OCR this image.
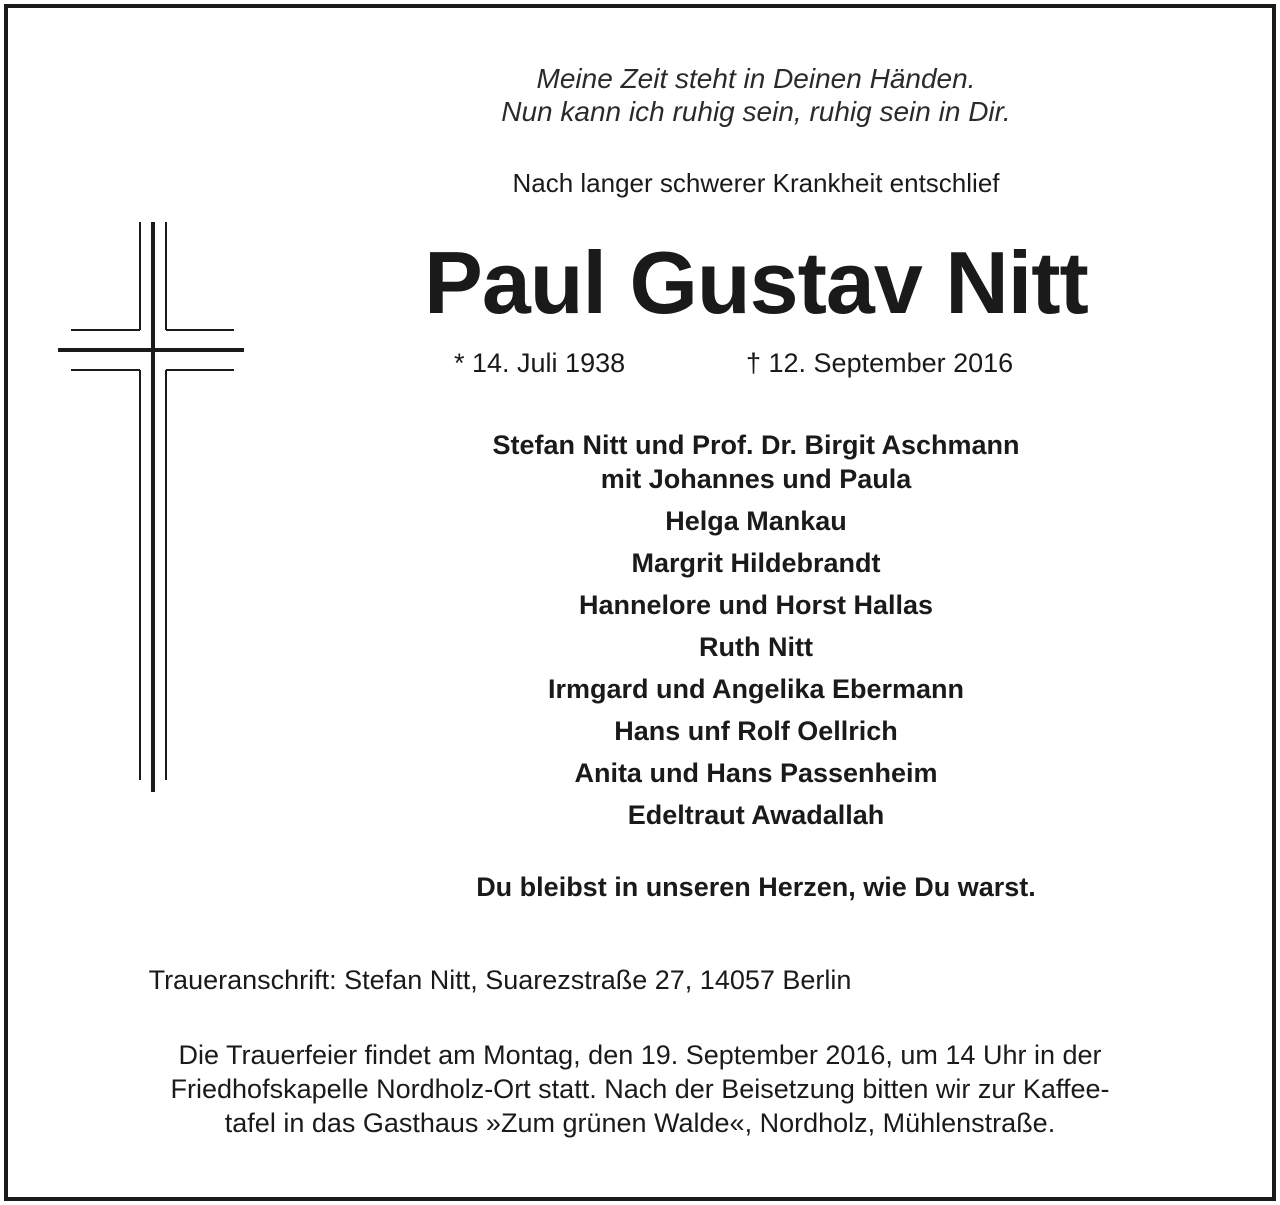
Meine Zeit steht in Deinen Händen.
Nun kann ich ruhig sein, ruhig sein in Dir.
Nach langer schwerer Krankheit entschlief
Paul Gustav Nitt
* 14. Juli 1938	† 12. September 2016
Stefan Nitt und Prof. Dr. Birgit Aschmann
mit Johannes und Paula
Helga Mankau
Margrit Hildebrandt
Hannelore und Horst Hallas
Ruth Nitt
Irmgard und Angelika Ebermann
Hans unf Rolf Oellrich
Anita und Hans Passenheim
Edeltraut Awadallah
Du bleibst in unseren Herzen, wie Du warst.
Traueranschrift: Stefan Nitt, Suarezstraße 27, 14057 Berlin
Die Trauerfeier findet am Montag, den 19. September 2016, um 14 Uhr in der
Friedhofskapelle Nordholz-Ort statt. Nach der Beisetzung bitten wir zur Kaffee-
tafel in das Gasthaus »Zum grünen Walde«, Nordholz, Mühlenstraße.
